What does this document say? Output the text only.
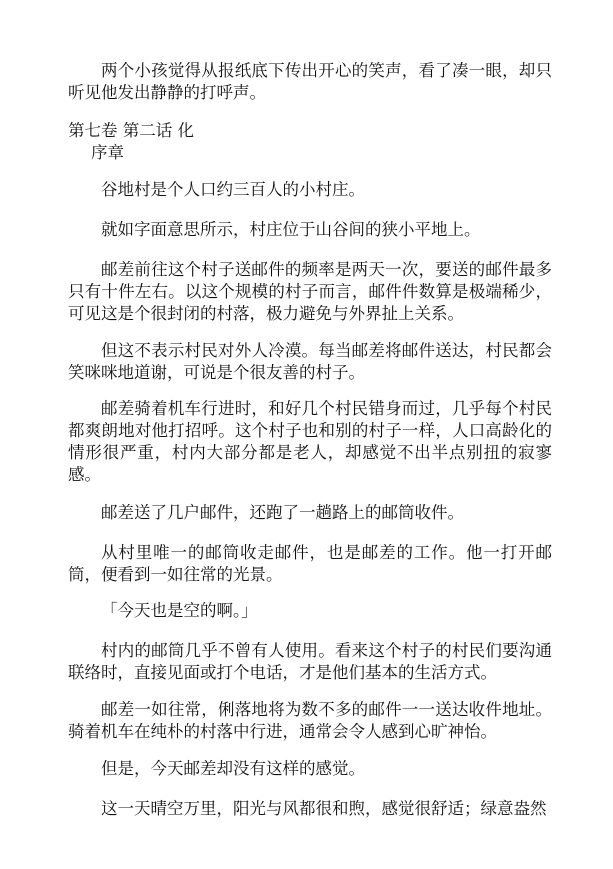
两个小孩觉得从报纸底下传出开心的笑声，看了凑一眼，却只听见他发出静静的打呼声。

第七卷 第二话 化
序章

谷地村是个人口约三百人的小村庄。

就如字面意思所示，村庄位于山谷间的狭小平地上。

邮差前往这个村子送邮件的频率是两天一次，要送的邮件最多只有十件左右。以这个规模的村子而言，邮件件数算是极端稀少，可见这是个很封闭的村落，极力避免与外界扯上关系。

但这不表示村民对外人冷漠。每当邮差将邮件送达，村民都会笑咪咪地道谢，可说是个很友善的村子。

邮差骑着机车行进时，和好几个村民错身而过，几乎每个村民都爽朗地对他打招呼。这个村子也和别的村子一样，人口高龄化的情形很严重，村内大部分都是老人，却感觉不出半点别扭的寂寥感。

邮差送了几户邮件，还跑了一趟路上的邮筒收件。

从村里唯一的邮筒收走邮件，也是邮差的工作。他一打开邮筒，便看到一如往常的光景。

「今天也是空的啊。」

村内的邮筒几乎不曾有人使用。看来这个村子的村民们要沟通联络时，直接见面或打个电话，才是他们基本的生活方式。

邮差一如往常，俐落地将为数不多的邮件一一送达收件地址。骑着机车在纯朴的村落中行进，通常会令人感到心旷神怡。

但是，今天邮差却没有这样的感觉。

这一天晴空万里，阳光与风都很和煦，感觉很舒适；绿意盎然
